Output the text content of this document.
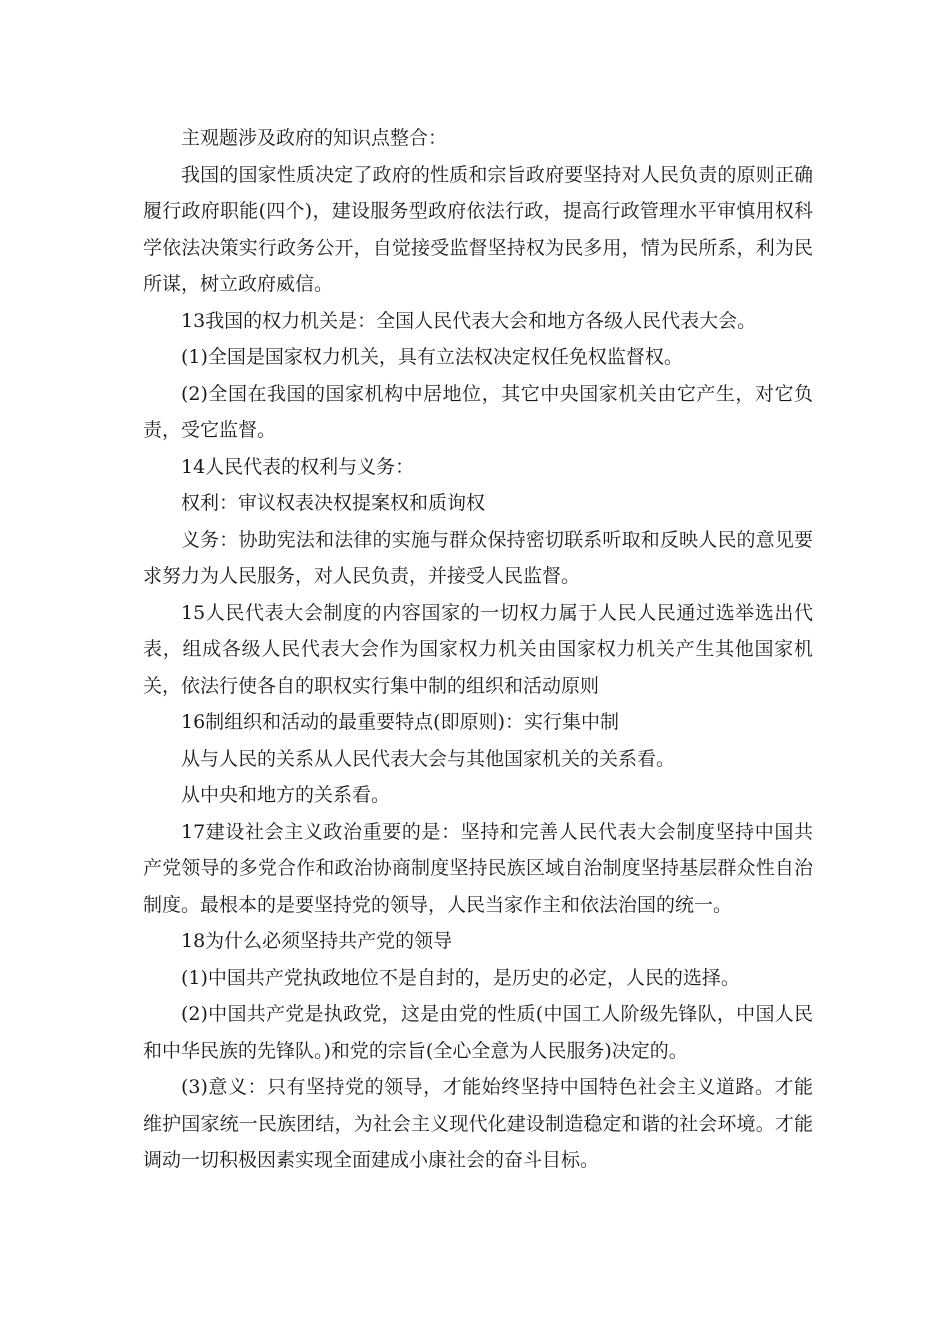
主观题涉及政府的知识点整合：

我国的国家性质决定了政府的性质和宗旨政府要坚持对人民负责的原则正确履行政府职能(四个)，建设服务型政府依法行政，提高行政管理水平审慎用权科学依法决策实行政务公开，自觉接受监督坚持权为民多用，情为民所系，利为民所谋，树立政府威信。

13我国的权力机关是：全国人民代表大会和地方各级人民代表大会。

(1)全国是国家权力机关，具有立法权决定权任免权监督权。

(2)全国在我国的国家机构中居地位，其它中央国家机关由它产生，对它负责，受它监督。

14人民代表的权利与义务：

权利：审议权表决权提案权和质询权

义务：协助宪法和法律的实施与群众保持密切联系听取和反映人民的意见要求努力为人民服务，对人民负责，并接受人民监督。

15人民代表大会制度的内容国家的一切权力属于人民人民通过选举选出代表，组成各级人民代表大会作为国家权力机关由国家权力机关产生其他国家机关，依法行使各自的职权实行集中制的组织和活动原则

16制组织和活动的最重要特点(即原则)：实行集中制

从与人民的关系从人民代表大会与其他国家机关的关系看。

从中央和地方的关系看。

17建设社会主义政治重要的是：坚持和完善人民代表大会制度坚持中国共产党领导的多党合作和政治协商制度坚持民族区域自治制度坚持基层群众性自治制度。最根本的是要坚持党的领导，人民当家作主和依法治国的统一。

18为什么必须坚持共产党的领导

(1)中国共产党执政地位不是自封的，是历史的必定，人民的选择。

(2)中国共产党是执政党，这是由党的性质(中国工人阶级先锋队，中国人民和中华民族的先锋队。)和党的宗旨(全心全意为人民服务)决定的。

(3)意义：只有坚持党的领导，才能始终坚持中国特色社会主义道路。才能维护国家统一民族团结，为社会主义现代化建设制造稳定和谐的社会环境。才能调动一切积极因素实现全面建成小康社会的奋斗目标。
